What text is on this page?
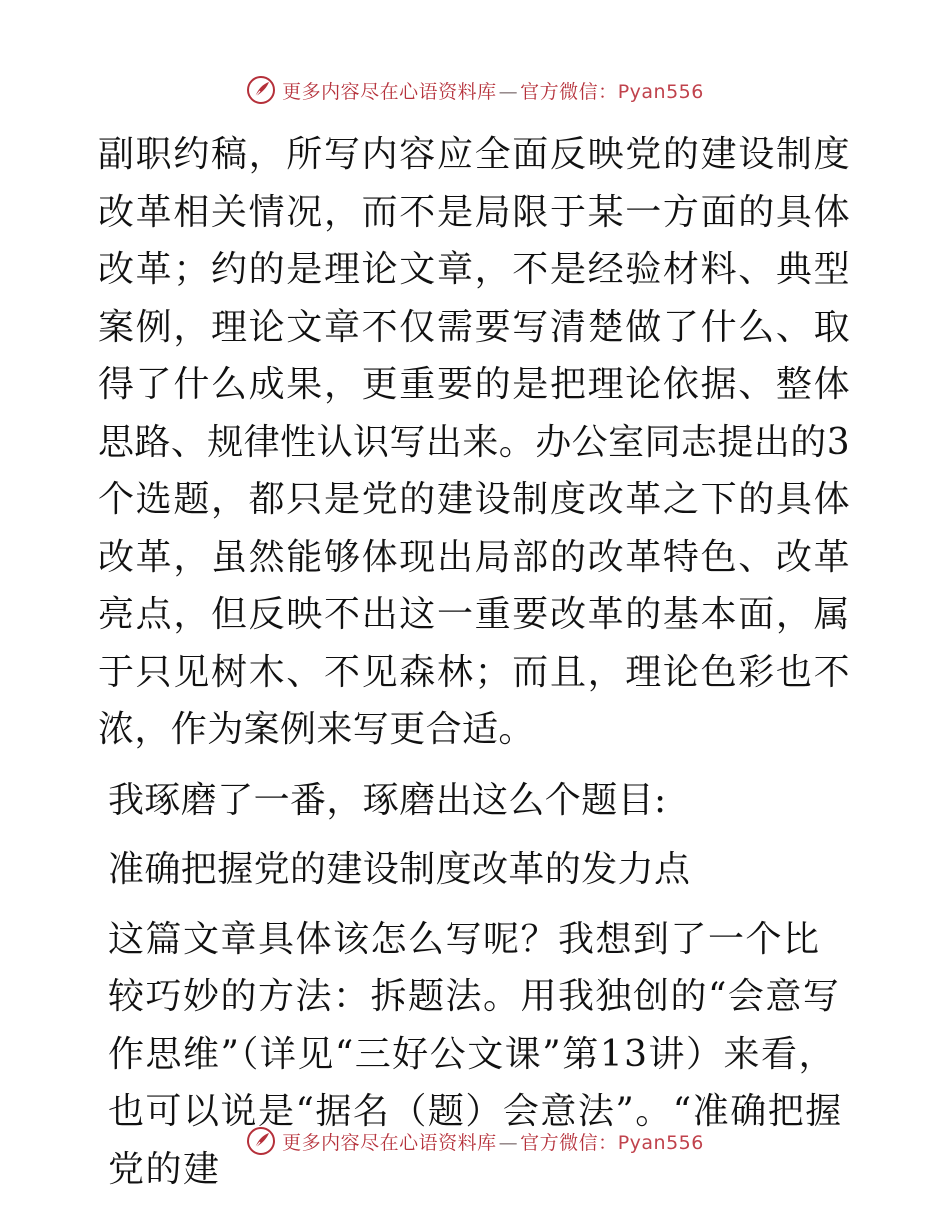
更多内容尽在心语资料库 — 官方微信：Pyan556

副职约稿，所写内容应全面反映党的建设制度改革相关情况，而不是局限于某一方面的具体改革；约的是理论文章，不是经验材料、典型案例，理论文章不仅需要写清楚做了什么、取得了什么成果，更重要的是把理论依据、整体思路、规律性认识写出来。办公室同志提出的3个选题，都只是党的建设制度改革之下的具体改革，虽然能够体现出局部的改革特色、改革亮点，但反映不出这一重要改革的基本面，属于只见树木、不见森林；而且，理论色彩也不浓，作为案例来写更合适。

我琢磨了一番，琢磨出这么个题目:

准确把握党的建设制度改革的发力点

这篇文章具体该怎么写呢？我想到了一个比较巧妙的方法：拆题法。用我独创的“会意写作思维”（详见“三好公文课”第13讲）来看，也可以说是“据名（题）会意法”。“准确把握党的建

更多内容尽在心语资料库 — 官方微信：Pyan556
